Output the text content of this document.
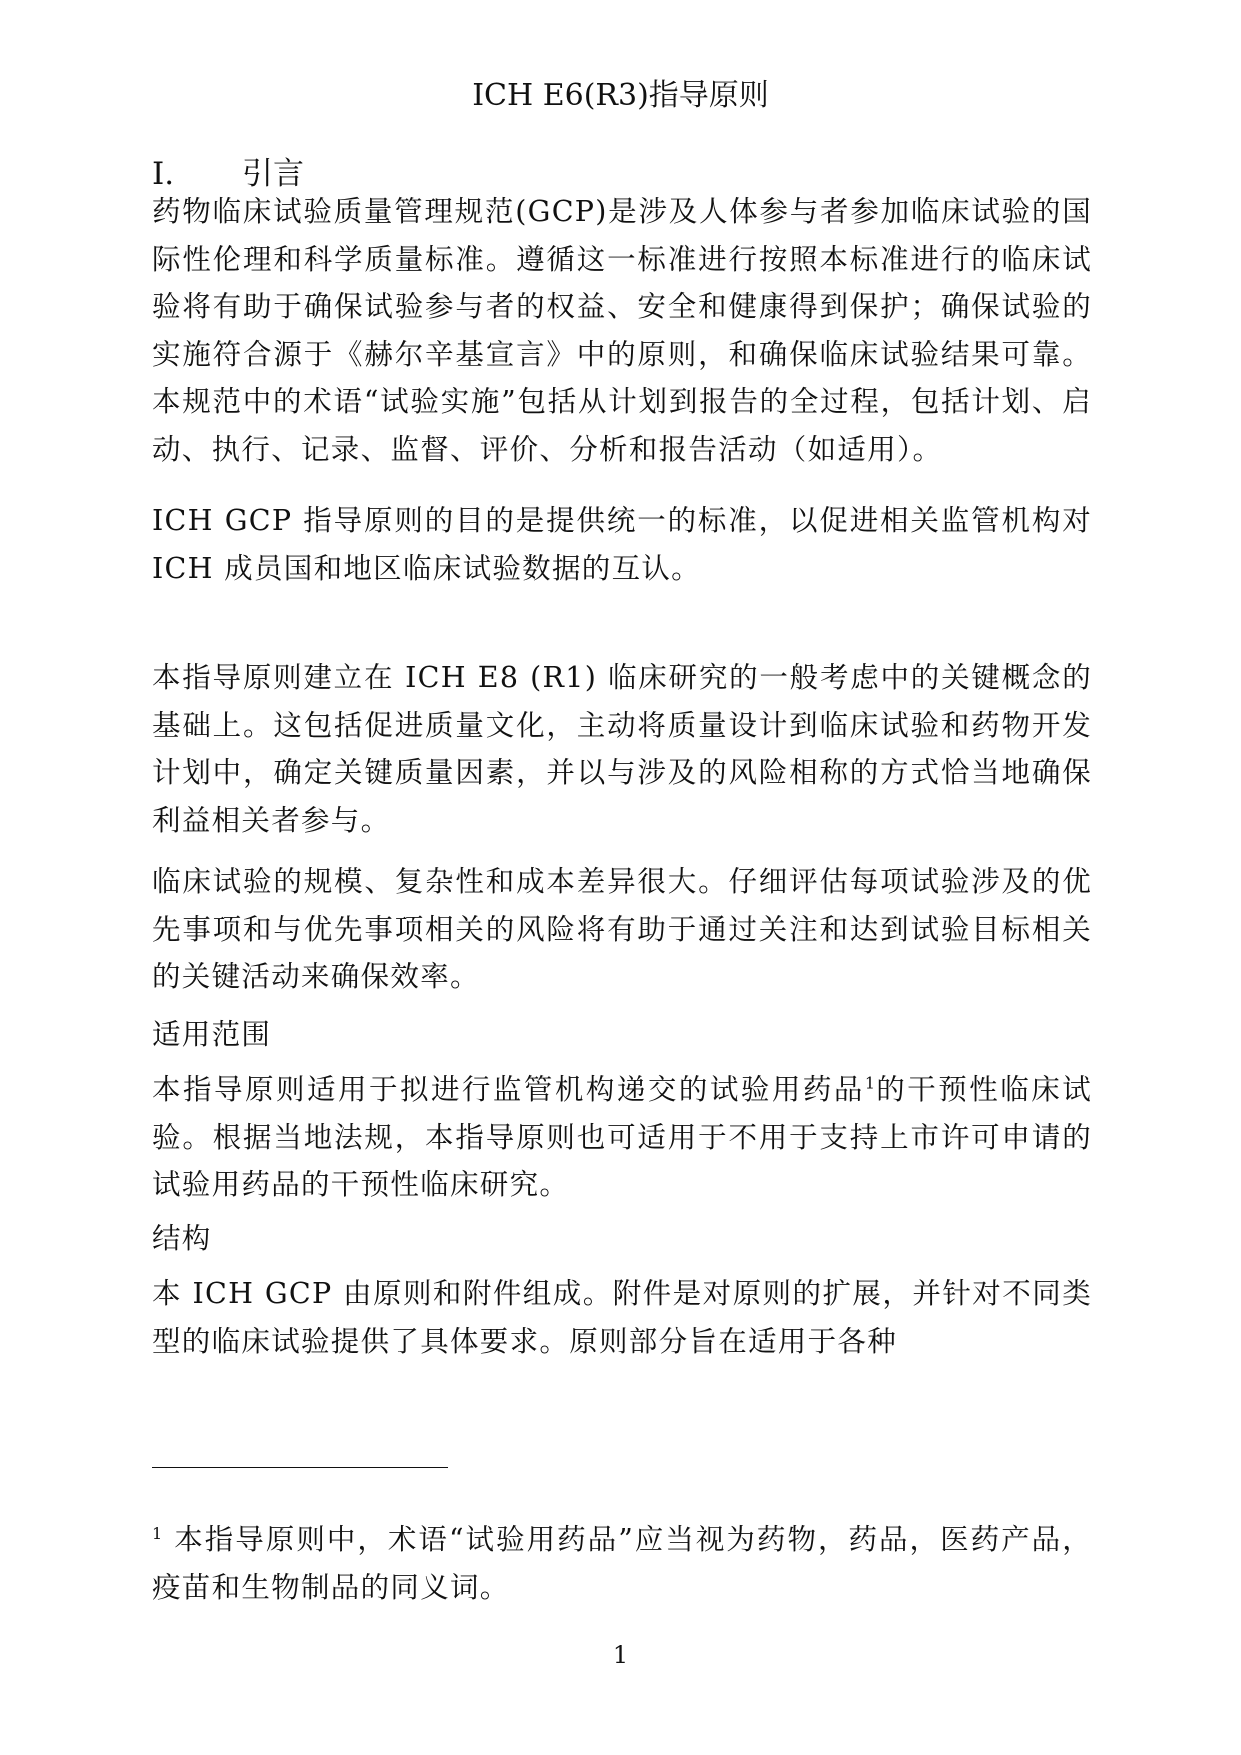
ICH E6(R3)指导原则
I. 引言

药物临床试验质量管理规范(GCP)是涉及人体参与者参加临床试验的国际性伦理和科学质量标准。遵循这一标准进行按照本标准进行的临床试验将有助于确保试验参与者的权益、安全和健康得到保护；确保试验的实施符合源于《赫尔辛基宣言》中的原则，和确保临床试验结果可靠。本规范中的术语“试验实施”包括从计划到报告的全过程，包括计划、启动、执行、记录、监督、评价、分析和报告活动（如适用）。

ICH GCP 指导原则的目的是提供统一的标准，以促进相关监管机构对 ICH 成员国和地区临床试验数据的互认。

本指导原则建立在 ICH E8 (R1) 临床研究的一般考虑中的关键概念的基础上。这包括促进质量文化，主动将质量设计到临床试验和药物开发计划中，确定关键质量因素，并以与涉及的风险相称的方式恰当地确保利益相关者参与。

临床试验的规模、复杂性和成本差异很大。仔细评估每项试验涉及的优先事项和与优先事项相关的风险将有助于通过关注和达到试验目标相关的关键活动来确保效率。

适用范围

本指导原则适用于拟进行监管机构递交的试验用药品$^1$的干预性临床试验。根据当地法规，本指导原则也可适用于不用于支持上市许可申请的试验用药品的干预性临床研究。

结构

本 ICH GCP 由原则和附件组成。附件是对原则的扩展，并针对不同类型的临床试验提供了具体要求。原则部分旨在适用于各种

$^1$ 本指导原则中，术语“试验用药品”应当视为药物，药品，医药产品，疫苗和生物制品的同义词。

1
